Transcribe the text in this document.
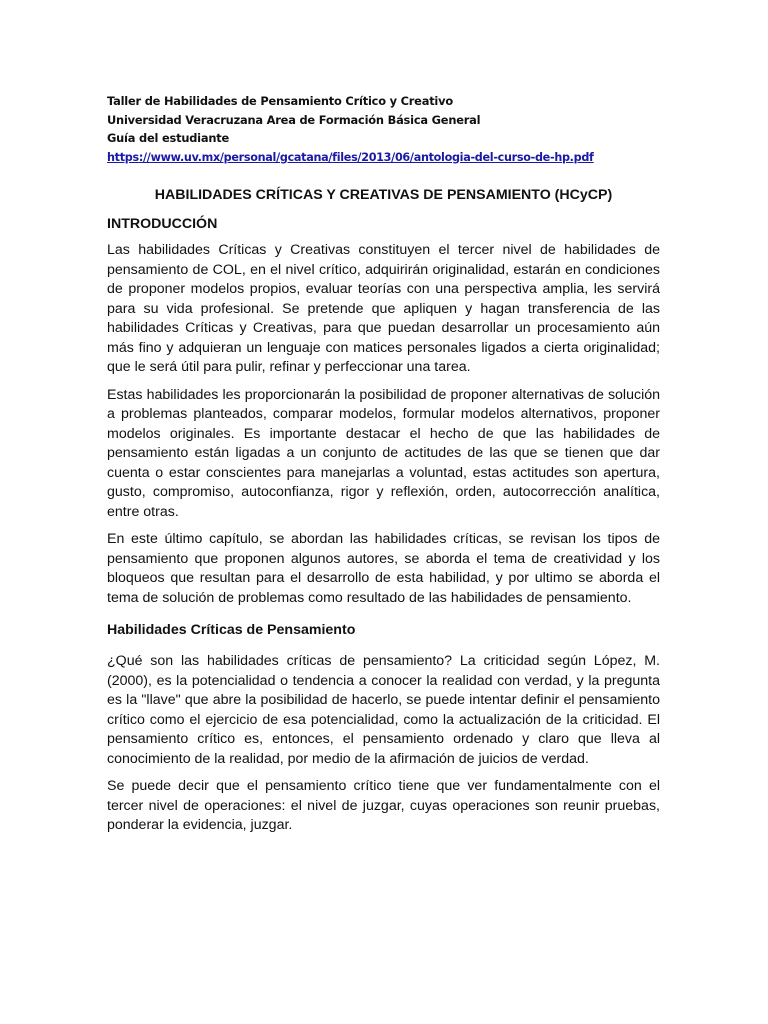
Taller de Habilidades de Pensamiento Crítico y Creativo
Universidad Veracruzana Area de Formación Básica General
Guía del estudiante
https://www.uv.mx/personal/gcatana/files/2013/06/antologia-del-curso-de-hp.pdf
HABILIDADES CRÍTICAS Y CREATIVAS DE PENSAMIENTO (HCyCP)
INTRODUCCIÓN
Las habilidades Críticas y Creativas constituyen el tercer nivel de habilidades de pensamiento de COL, en el nivel crítico, adquirirán originalidad, estarán en condiciones de proponer modelos propios, evaluar teorías con una perspectiva amplia, les servirá para su vida profesional. Se pretende que apliquen y hagan transferencia de las habilidades Críticas y Creativas, para que puedan desarrollar un procesamiento aún más fino y adquieran un lenguaje con matices personales ligados a cierta originalidad; que le será útil para pulir, refinar y perfeccionar una tarea.
Estas habilidades les proporcionarán la posibilidad de proponer alternativas de solución a problemas planteados, comparar modelos, formular modelos alternativos, proponer modelos originales. Es importante destacar el hecho de que las habilidades de pensamiento están ligadas a un conjunto de actitudes de las que se tienen que dar cuenta o estar conscientes para manejarlas a voluntad, estas actitudes son apertura, gusto, compromiso, autoconfianza, rigor y reflexión, orden, autocorrección analítica, entre otras.
En este último capítulo, se abordan las habilidades críticas, se revisan los tipos de pensamiento que proponen algunos autores, se aborda el tema de creatividad y los bloqueos que resultan para el desarrollo de esta habilidad, y por ultimo se aborda el tema de solución de problemas como resultado de las habilidades de pensamiento.
Habilidades Críticas de Pensamiento
¿Qué son las habilidades críticas de pensamiento? La criticidad según López, M. (2000), es la potencialidad o tendencia a conocer la realidad con verdad, y la pregunta es la "llave" que abre la posibilidad de hacerlo, se puede intentar definir el pensamiento crítico como el ejercicio de esa potencialidad, como la actualización de la criticidad. El pensamiento crítico es, entonces, el pensamiento ordenado y claro que lleva al conocimiento de la realidad, por medio de la afirmación de juicios de verdad.
Se puede decir que el pensamiento crítico tiene que ver fundamentalmente con el tercer nivel de operaciones: el nivel de juzgar, cuyas operaciones son reunir pruebas, ponderar la evidencia, juzgar.
